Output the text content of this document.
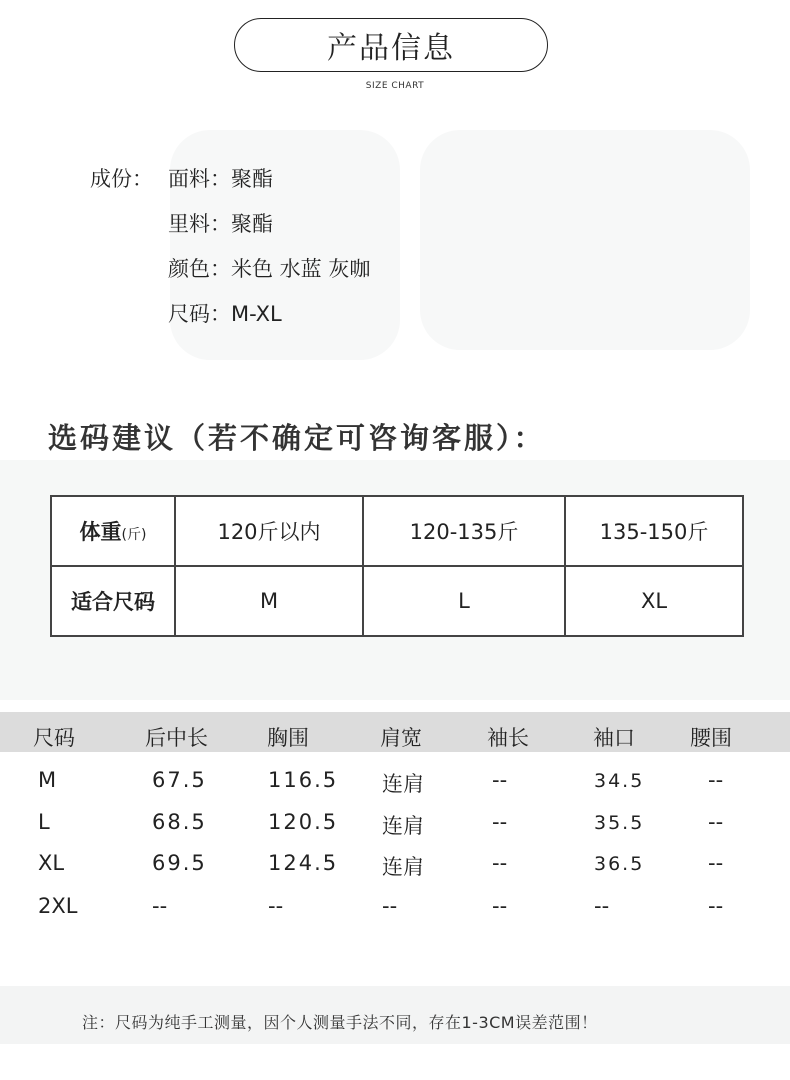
产品信息
SIZE CHART
成份： 面料：聚酯
里料：聚酯
颜色：米色 水蓝 灰咖
尺码：M-XL
选码建议（若不确定可咨询客服）：
体重(斤)	120斤以内	120-135斤	135-150斤
适合尺码	M	L	XL
尺码	后中长	胸围	肩宽	袖长	袖口	腰围
M	67.5	116.5 连肩	--	34.5	--
L	68.5	120.5 连肩	--	35.5	--
XL	69.5	124.5 连肩	--	36.5	--
2XL	--	--	--	--	--	--
注：尺码为纯手工测量，因个人测量手法不同，存在1-3CM误差范围！
